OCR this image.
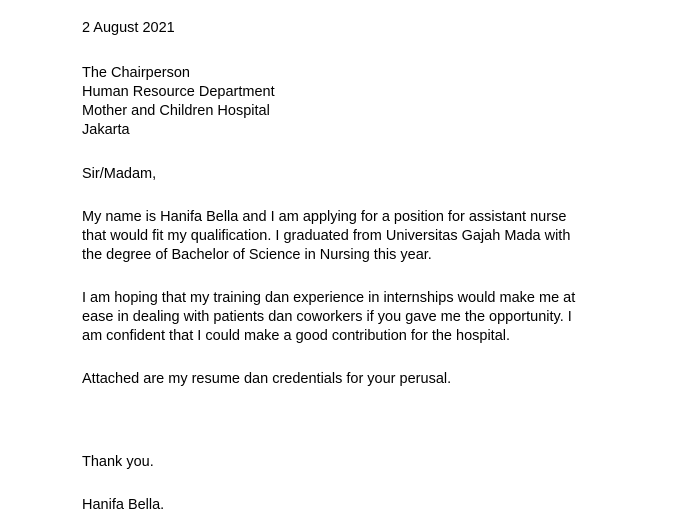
2 August 2021
The Chairperson
Human Resource Department
Mother and Children Hospital
Jakarta
Sir/Madam,
My name is Hanifa Bella and I am applying for a position for assistant nurse
that would fit my qualification. I graduated from Universitas Gajah Mada with
the degree of Bachelor of Science in Nursing this year.
I am hoping that my training dan experience in internships would make me at
ease in dealing with patients dan coworkers if you gave me the opportunity. I
am confident that I could make a good contribution for the hospital.
Attached are my resume dan credentials for your perusal.
Thank you.
Hanifa Bella.
